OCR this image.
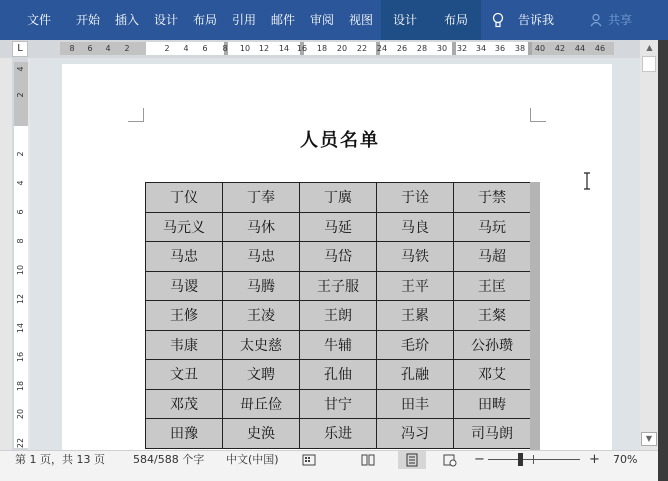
文件 开始 插入 设计 布局 引用 邮件 审阅 视图 设计 布局	告诉我	共享
L	8	6	4	2	2	4	6	8	10	12	14 16	18	20	22	24	26	28	30	32	34	36	38	40	42	44	46
4
2
2
4
6
8
10
12
14
16
18
20
22
人员名单
丁仪	丁奉	丁廙	于诠	于禁
马元义	马休	马延	马良	马玩
马忠	马忠	马岱	马铁	马超
马谡	马腾	王子服	王平	王匡
王修	王凌	王朗	王累	王粲
韦康	太史慈	牛辅	毛玠	公孙瓒
文丑	文聘	孔伷	孔融	邓艾
邓茂	毌丘俭	甘宁	田丰	田畴
田豫	史涣	乐进	冯习	司马朗
▲
▼
第 1 页，共 13 页	584/588 个字 中文(中国)	−	+ 70%
